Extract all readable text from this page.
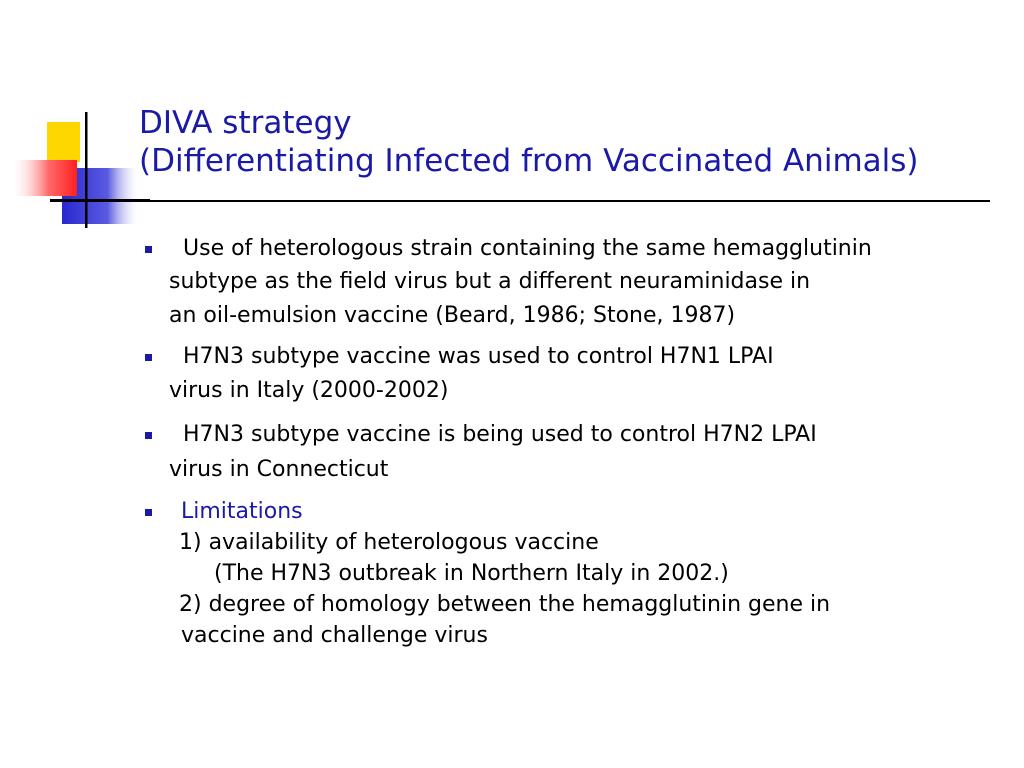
DIVA strategy
(Differentiating Infected from Vaccinated Animals)
Use of heterologous strain containing the same hemagglutinin
subtype as the field virus but a different neuraminidase in
an oil-emulsion vaccine (Beard, 1986; Stone, 1987)
H7N3 subtype vaccine was used to control H7N1 LPAI
virus in Italy (2000-2002)
H7N3 subtype vaccine is being used to control H7N2 LPAI
virus in Connecticut
Limitations
1) availability of heterologous vaccine
(The H7N3 outbreak in Northern Italy in 2002.)
2) degree of homology between the hemagglutinin gene in
vaccine and challenge virus
